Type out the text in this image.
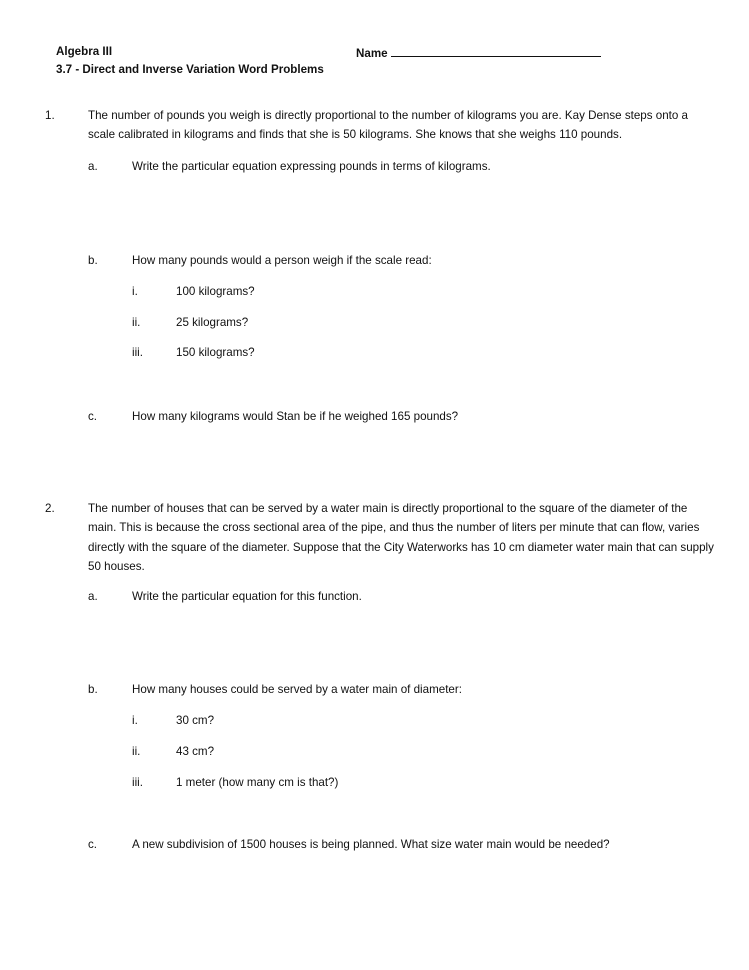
Algebra III
3.7 - Direct and Inverse Variation Word Problems
Name
1.	The number of pounds you weigh is directly proportional to the number of kilograms you are. Kay Dense steps onto a scale calibrated in kilograms and finds that she is 50 kilograms. She knows that she weighs 110 pounds.
a.	Write the particular equation expressing pounds in terms of kilograms.
b.	How many pounds would a person weigh if the scale read:
i.	100 kilograms?
ii.	25 kilograms?
iii.	150 kilograms?
c.	How many kilograms would Stan be if he weighed 165 pounds?
2.	The number of houses that can be served by a water main is directly proportional to the square of the diameter of the main. This is because the cross sectional area of the pipe, and thus the number of liters per minute that can flow, varies directly with the square of the diameter. Suppose that the City Waterworks has 10 cm diameter water main that can supply 50 houses.
a.	Write the particular equation for this function.
b.	How many houses could be served by a water main of diameter:
i.	30 cm?
ii.	43 cm?
iii.	1 meter (how many cm is that?)
c.	A new subdivision of 1500 houses is being planned. What size water main would be needed?
